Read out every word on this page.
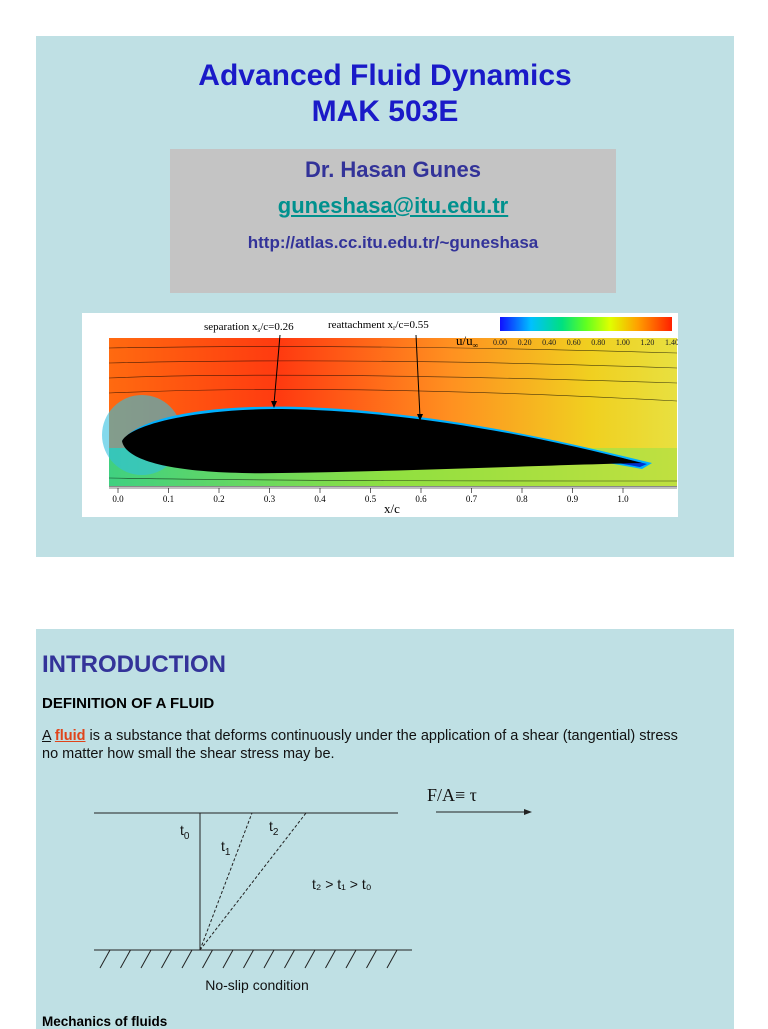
Advanced Fluid Dynamics
MAK 503E
Dr. Hasan Gunes
guneshasa@itu.edu.tr
http://atlas.cc.itu.edu.tr/~guneshasa
separation xs/c=0.26	reattachment xr/c=0.55
$u/u_\infty$ 0.00 0.20 0.40 0.60 0.80 1.00 1.20 1.40
0.0	0.1	0.2	0.3	0.4	0.5	0.6	0.7	0.8	0.9	1.0
x/c
INTRODUCTION
DEFINITION OF A FLUID
A fluid is a substance that deforms continuously under the application of a shear (tangential) stress no matter how small the shear stress may be.
$t_0$
$t_1$
$t_2$
t₂ > t₁ > t₀
F/A≡ τ
No-slip condition
Mechanics of fluids
